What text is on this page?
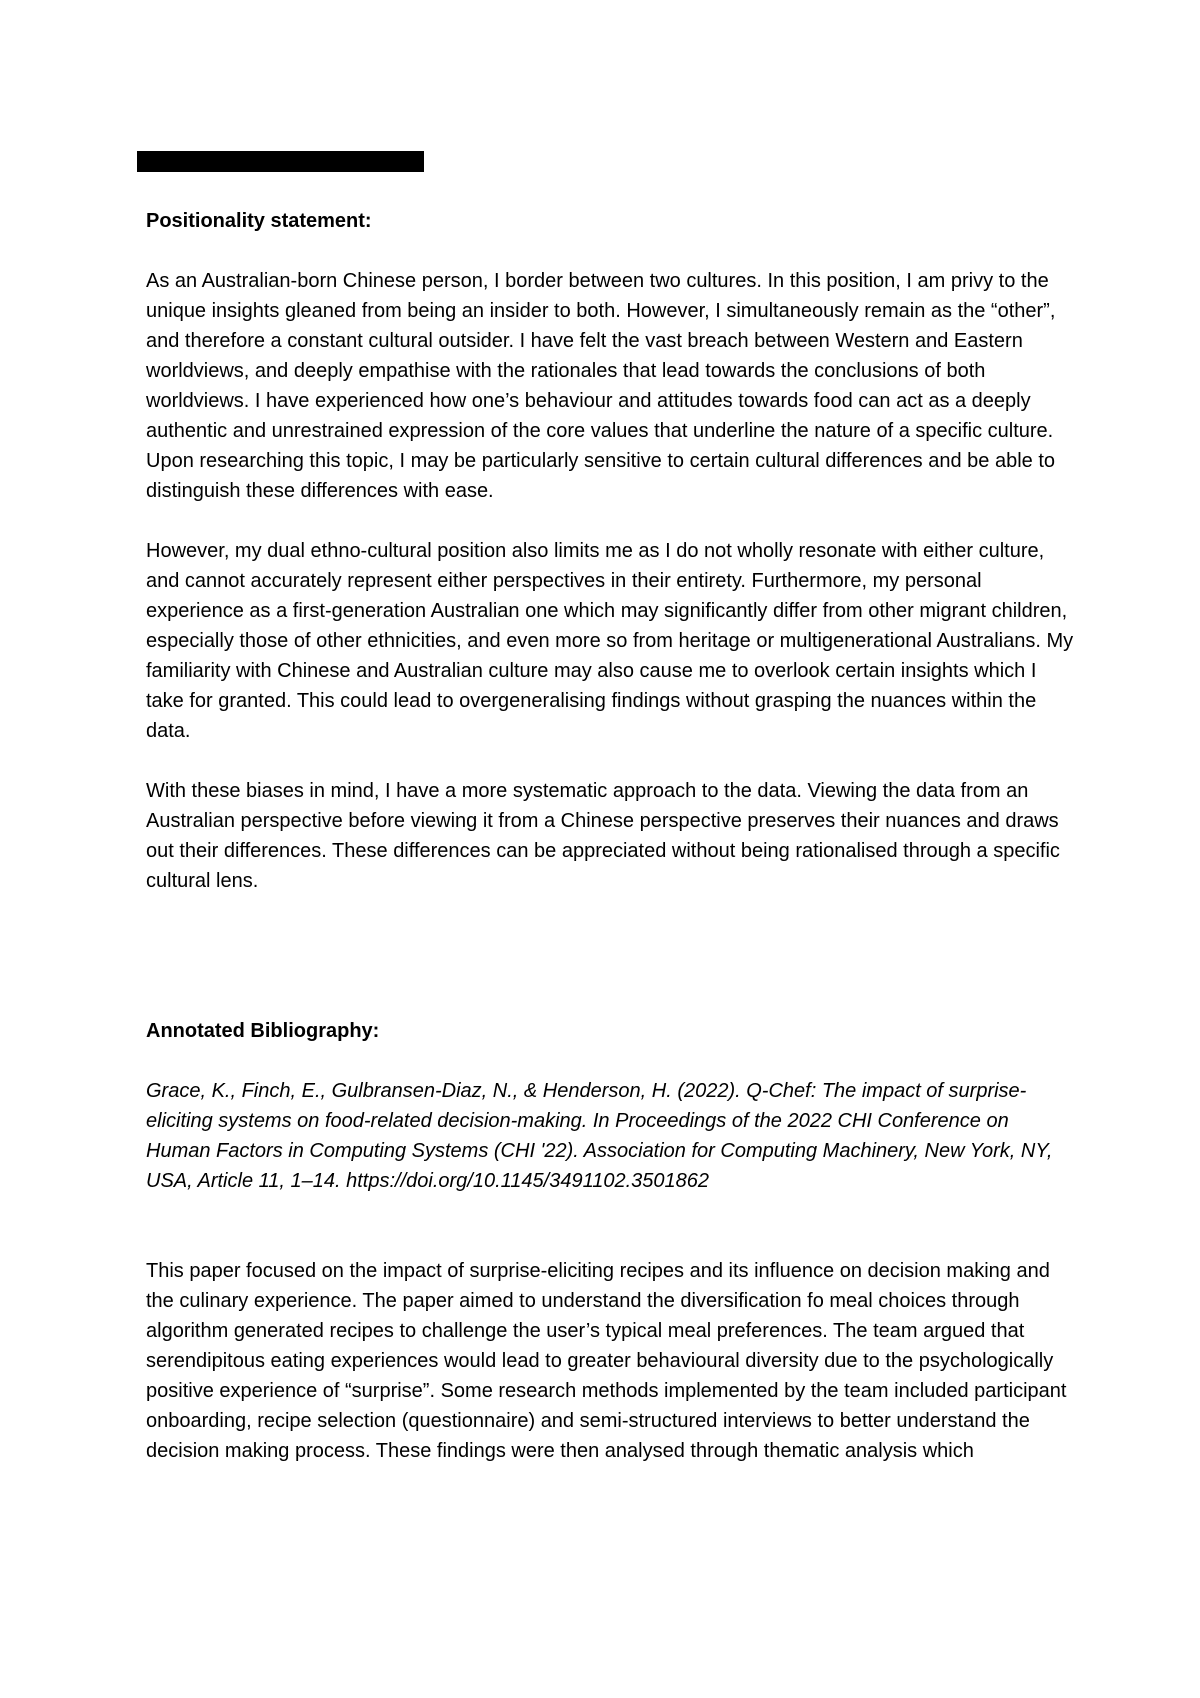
Positionality statement:

As an Australian-born Chinese person, I border between two cultures. In this position, I am privy to the unique insights gleaned from being an insider to both. However, I simultaneously remain as the “other”, and therefore a constant cultural outsider. I have felt the vast breach between Western and Eastern worldviews, and deeply empathise with the rationales that lead towards the conclusions of both worldviews. I have experienced how one’s behaviour and attitudes towards food can act as a deeply authentic and unrestrained expression of the core values that underline the nature of a specific culture. Upon researching this topic, I may be particularly sensitive to certain cultural differences and be able to distinguish these differences with ease.

However, my dual ethno-cultural position also limits me as I do not wholly resonate with either culture, and cannot accurately represent either perspectives in their entirety. Furthermore, my personal experience as a first-generation Australian one which may significantly differ from other migrant children, especially those of other ethnicities, and even more so from heritage or multigenerational Australians. My familiarity with Chinese and Australian culture may also cause me to overlook certain insights which I take for granted. This could lead to overgeneralising findings without grasping the nuances within the data.

With these biases in mind, I have a more systematic approach to the data. Viewing the data from an Australian perspective before viewing it from a Chinese perspective preserves their nuances and draws out their differences. These differences can be appreciated without being rationalised through a specific cultural lens.

Annotated Bibliography:

Grace, K., Finch, E., Gulbransen-Diaz, N., & Henderson, H. (2022). Q-Chef: The impact of surprise-eliciting systems on food-related decision-making. In Proceedings of the 2022 CHI Conference on Human Factors in Computing Systems (CHI '22). Association for Computing Machinery, New York, NY, USA, Article 11, 1–14. https://doi.org/10.1145/3491102.3501862

This paper focused on the impact of surprise-eliciting recipes and its influence on decision making and the culinary experience. The paper aimed to understand the diversification fo meal choices through algorithm generated recipes to challenge the user’s typical meal preferences. The team argued that serendipitous eating experiences would lead to greater behavioural diversity due to the psychologically positive experience of “surprise”. Some research methods implemented by the team included participant onboarding, recipe selection (questionnaire) and semi-structured interviews to better understand the decision making process. These findings were then analysed through thematic analysis which
